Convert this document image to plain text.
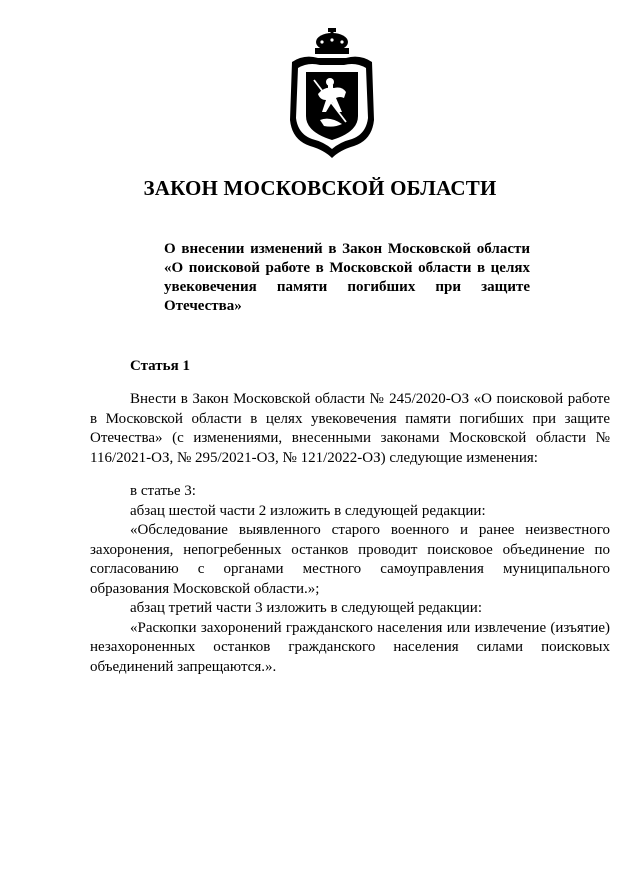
ЗАКОН МОСКОВСКОЙ ОБЛАСТИ
О внесении изменений в Закон Московской области
«О поисковой работе в Московской области в целях
увековечения памяти погибших при защите
Отечества»
Статья 1

Внести в Закон Московской области № 245/2020-ОЗ «О поисковой работе в Московской области в целях увековечения памяти погибших при защите Отечества» (с изменениями, внесенными законами Московской области № 116/2021-ОЗ, № 295/2021-ОЗ, № 121/2022-ОЗ) следующие изменения:

в статье 3:

абзац шестой части 2 изложить в следующей редакции:

«Обследование выявленного старого военного и ранее неизвестного захоронения, непогребенных останков проводит поисковое объединение по согласованию с органами местного самоуправления муниципального образования Московской области.»;

абзац третий части 3 изложить в следующей редакции:

«Раскопки захоронений гражданского населения или извлечение (изъятие) незахороненных останков гражданского населения силами поисковых объединений запрещаются.».
